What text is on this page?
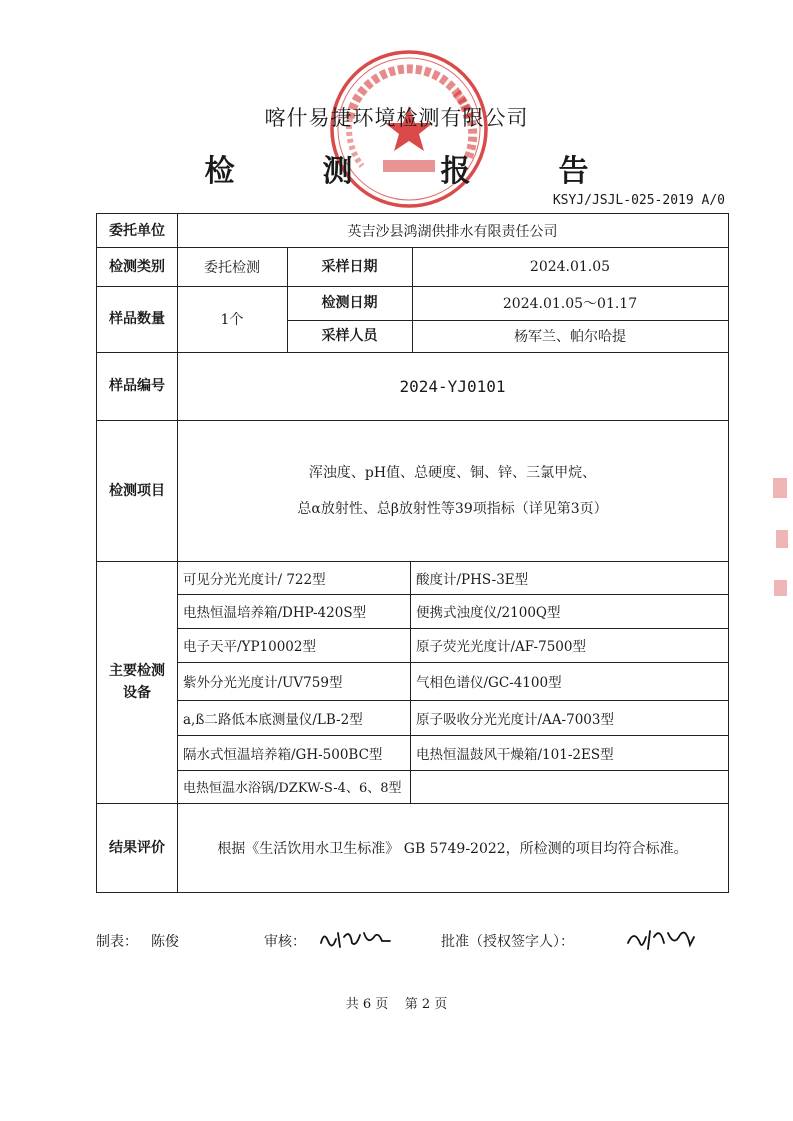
喀什易捷环境检测有限公司
检	测	报	告
KSYJ/JSJL-025-2019 A/0
委托单位	英吉沙县鸿湖供排水有限责任公司
检测类别	委托检测	采样日期	2024.01.05
样品数量	1个
检测日期	2024.01.05～01.17
采样人员	杨军兰、帕尔哈提
样品编号	2024-YJ0101
检测项目
浑浊度、pH值、总硬度、铜、锌、三氯甲烷、
总α放射性、总β放射性等39项指标（详见第3页）
主要检测
设备
可见分光光度计/ 722型	酸度计/PHS-3E型
电热恒温培养箱/DHP-420S型	便携式浊度仪/2100Q型
电子天平/YP10002型	原子荧光光度计/AF-7500型
紫外分光光度计/UV759型	气相色谱仪/GC-4100型
a,ß二路低本底测量仪/LB-2型	原子吸收分光光度计/AA-7003型
隔水式恒温培养箱/GH-500BC型	电热恒温鼓风干燥箱/101-2ES型
电热恒温水浴锅/DZKW-S-4、6、8型
结果评价	根据《生活饮用水卫生标准》 GB 5749-2022，所检测的项目均符合标准。
制表： 陈俊	审核：	批准（授权签字人）：
共 6 页    第 2 页
